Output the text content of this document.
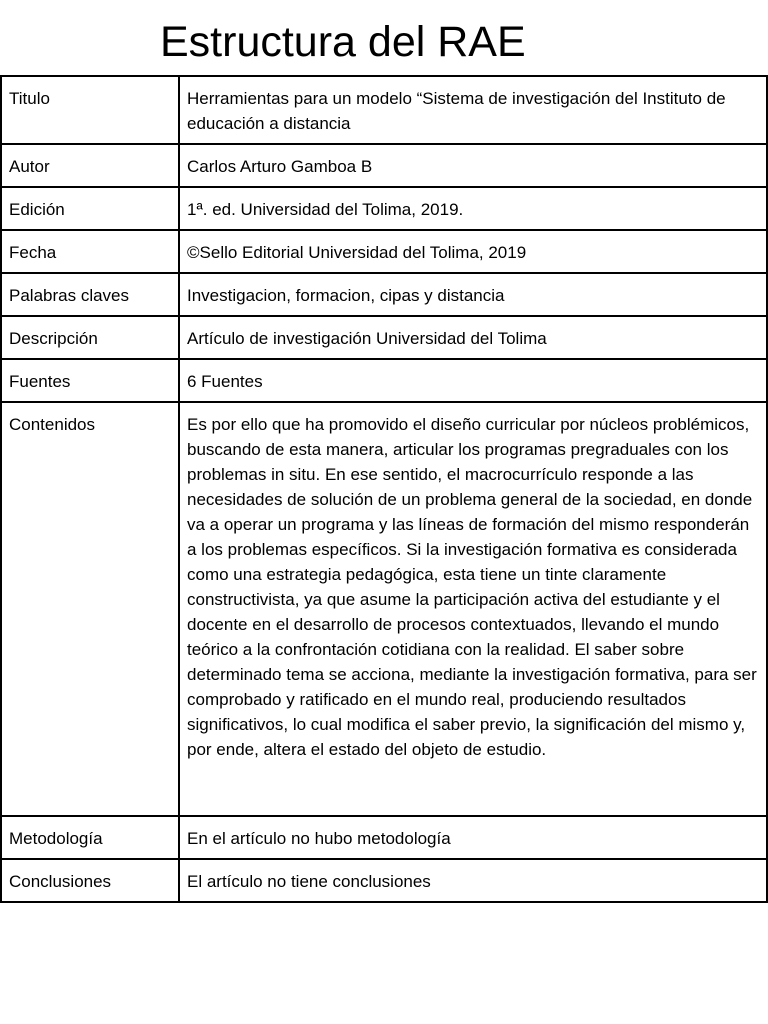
Estructura del RAE
Titulo	Herramientas para un modelo “Sistema de investigación del Instituto de educación a distancia
Autor	Carlos Arturo Gamboa B
Edición	1ª. ed. Universidad del Tolima, 2019.
Fecha	©Sello Editorial Universidad del Tolima, 2019
Palabras claves	Investigacion, formacion, cipas y distancia
Descripción	Artículo de investigación Universidad del Tolima
Fuentes	6 Fuentes
Contenidos	Es por ello que ha promovido el diseño curricular por núcleos problémicos, buscando de esta manera, articular los programas pregraduales con los problemas in situ. En ese sentido, el macrocurrículo responde a las necesidades de solución de un problema general de la sociedad, en donde va a operar un programa y las líneas de formación del mismo responderán a los problemas específicos. Si la investigación formativa es considerada como una estrategia pedagógica, esta tiene un tinte claramente constructivista, ya que asume la participación activa del estudiante y el docente en el desarrollo de procesos contextuados, llevando el mundo teórico a la confrontación cotidiana con la realidad. El saber sobre determinado tema se acciona, mediante la investigación formativa, para ser comprobado y ratificado en el mundo real, produciendo resultados significativos, lo cual modifica el saber previo, la significación del mismo y, por ende, altera el estado del objeto de estudio.
Metodología	En el artículo no hubo metodología
Conclusiones	El artículo no tiene conclusiones
